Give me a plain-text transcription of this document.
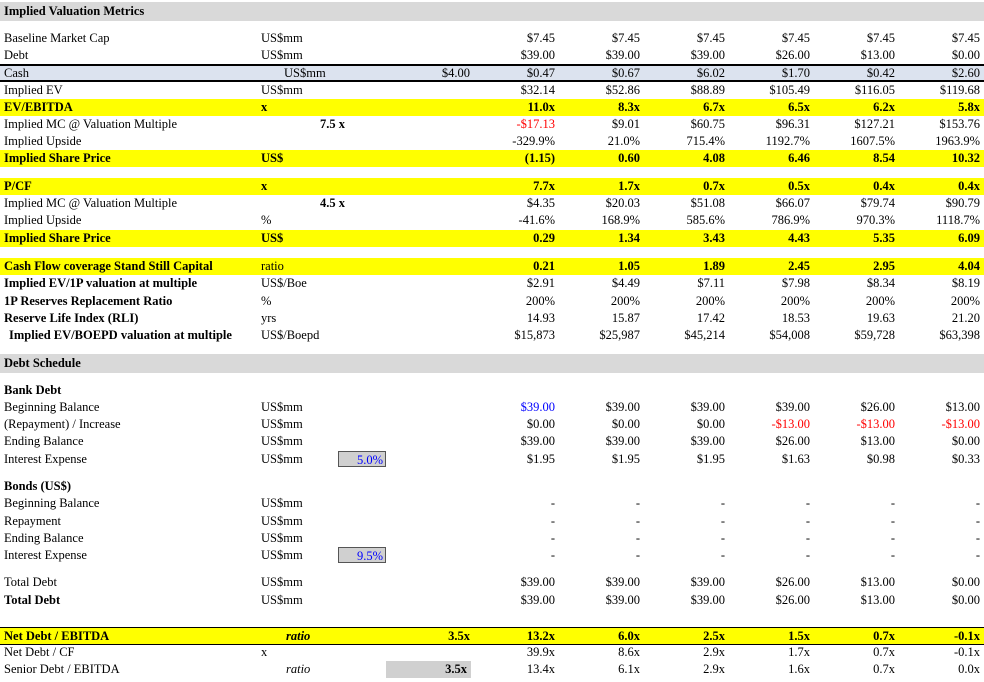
Implied Valuation Metrics
Baseline Market Cap	US$mm	$7.45	$7.45	$7.45	$7.45	$7.45	$7.45
Debt	US$mm	$39.00	$39.00	$39.00	$26.00	$13.00	$0.00
Cash	US$mm	$4.00	$0.47	$0.67	$6.02	$1.70	$0.42	$2.60
Implied EV	US$mm	$32.14	$52.86	$88.89	$105.49	$116.05	$119.68
EV/EBITDA	x	11.0x	8.3x	6.7x	6.5x	6.2x	5.8x
Implied MC @ Valuation Multiple	7.5 x	-$17.13	$9.01	$60.75	$96.31	$127.21	$153.76
Implied Upside	-329.9%	21.0%	715.4%	1192.7%	1607.5%	1963.9%
Implied Share Price	US$	(1.15)	0.60	4.08	6.46	8.54	10.32
P/CF	x	7.7x	1.7x	0.7x	0.5x	0.4x	0.4x
Implied MC @ Valuation Multiple	4.5 x	$4.35	$20.03	$51.08	$66.07	$79.74	$90.79
Implied Upside	%	-41.6%	168.9%	585.6%	786.9%	970.3%	1118.7%
Implied Share Price	US$	0.29	1.34	3.43	4.43	5.35	6.09
Cash Flow coverage Stand Still Capital	ratio	0.21	1.05	1.89	2.45	2.95	4.04
Implied EV/1P valuation at multiple	US$/Boe	$2.91	$4.49	$7.11	$7.98	$8.34	$8.19
1P Reserves Replacement Ratio	%	200%	200%	200%	200%	200%	200%
Reserve Life Index (RLI)	yrs	14.93	15.87	17.42	18.53	19.63	21.20
Implied EV/BOEPD valuation at multiple US$/Boepd	$15,873	$25,987	$45,214	$54,008	$59,728	$63,398
Debt Schedule
Bank Debt
Beginning Balance	US$mm	$39.00	$39.00	$39.00	$39.00	$26.00	$13.00
(Repayment) / Increase	US$mm	$0.00	$0.00	$0.00	-$13.00	-$13.00	-$13.00
Ending Balance	US$mm	$39.00	$39.00	$39.00	$26.00	$13.00	$0.00
Interest Expense	US$mm	5.0%	$1.95	$1.95	$1.95	$1.63	$0.98	$0.33
Bonds (US$)
Beginning Balance	US$mm	-	-	-	-	-	-
Repayment	US$mm	-	-	-	-	-	-
Ending Balance	US$mm	-	-	-	-	-	-
Interest Expense	US$mm	9.5%	-	-	-	-	-	-
Total Debt	US$mm	$39.00	$39.00	$39.00	$26.00	$13.00	$0.00
Total Debt	US$mm	$39.00	$39.00	$39.00	$26.00	$13.00	$0.00
Net Debt / EBITDA	ratio	3.5x	13.2x	6.0x	2.5x	1.5x	0.7x	-0.1x
Net Debt / CF	x	39.9x	8.6x	2.9x	1.7x	0.7x	-0.1x
Senior Debt / EBITDA	ratio	3.5x	13.4x	6.1x	2.9x	1.6x	0.7x	0.0x
